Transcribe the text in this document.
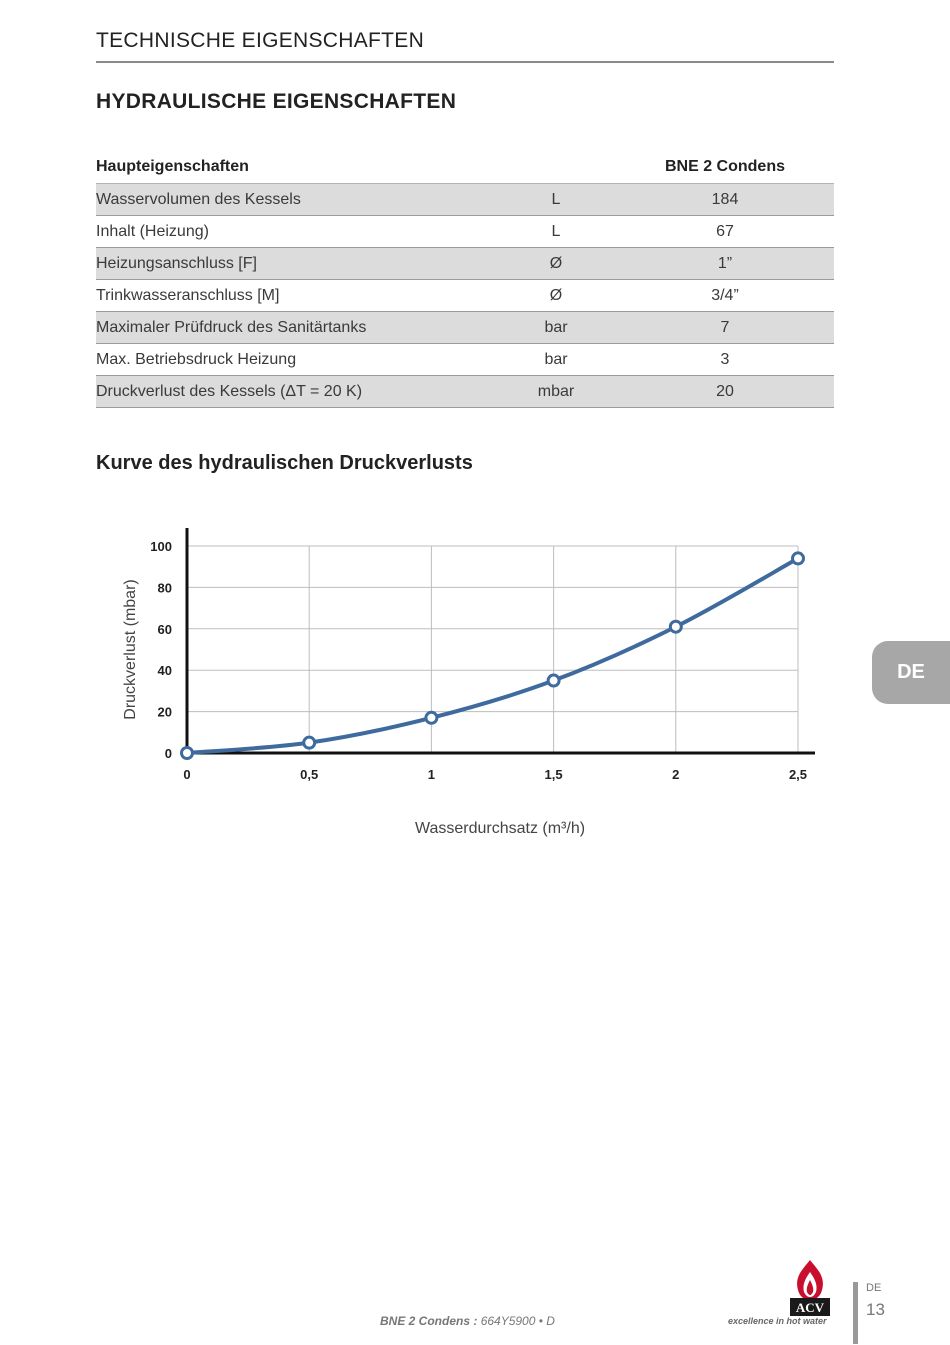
TECHNISCHE EIGENSCHAFTEN
HYDRAULISCHE EIGENSCHAFTEN
Haupteigenschaften		BNE 2 Condens
Wasservolumen des Kessels	L	184
Inhalt (Heizung)	L	67
Heizungsanschluss [F]	Ø	1”
Trinkwasseranschluss [M]	Ø	3/4”
Maximaler Prüfdruck des Sanitärtanks	bar	7
Max. Betriebsdruck Heizung	bar	3
Druckverlust des Kessels (ΔT = 20 K)	mbar	20
Kurve des hydraulischen Druckverlusts
0
20
40
60
80
100
0	0,5	1	1,5	2	2,5
Druckverlust (mbar)
Wasserdurchsatz (m³/h)
DE
BNE 2 Condens : 664Y5900 • D
ACV
excellence in hot water
DE
13
